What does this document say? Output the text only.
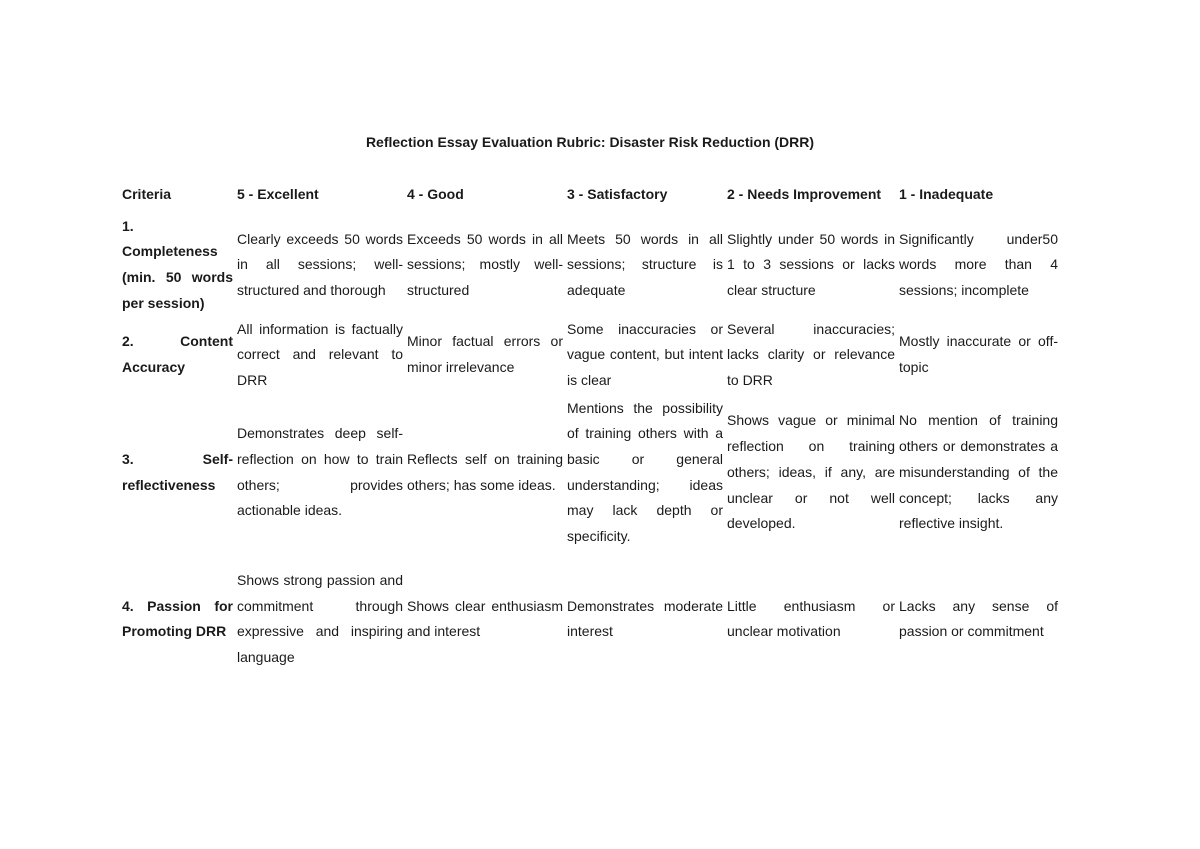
Reflection Essay Evaluation Rubric: Disaster Risk Reduction (DRR)
Criteria	5 - Excellent	4 - Good	3 - Satisfactory	2 - Needs Improvement	1 - Inadequate
1. Completeness (min. 50 words per session)	Clearly exceeds 50 words in all sessions; well-structured and thorough	Exceeds 50 words in all sessions; mostly well-structured	Meets 50 words in all sessions; structure is adequate	Slightly under 50 words in 1 to 3 sessions or lacks clear structure	Significantly under50 words more than 4 sessions; incomplete
2. Content Accuracy	All information is factually correct and relevant to DRR	Minor factual errors or minor irrelevance	Some inaccuracies or vague content, but intent is clear	Several inaccuracies; lacks clarity or relevance to DRR	Mostly inaccurate or off-topic
3. Self-reflectiveness	Demonstrates deep self-reflection on how to train others; provides actionable ideas.	Reflects self on training others; has some ideas.	Mentions the possibility of training others with a basic or general understanding; ideas may lack depth or specificity.	Shows vague or minimal reflection on training others; ideas, if any, are unclear or not well developed.	No mention of training others or demonstrates a misunderstanding of the concept; lacks any reflective insight.
4. Passion for Promoting DRR	Shows strong passion and commitment through expressive and inspiring language	Shows clear enthusiasm and interest	Demonstrates moderate interest	Little enthusiasm or unclear motivation	Lacks any sense of passion or commitment
